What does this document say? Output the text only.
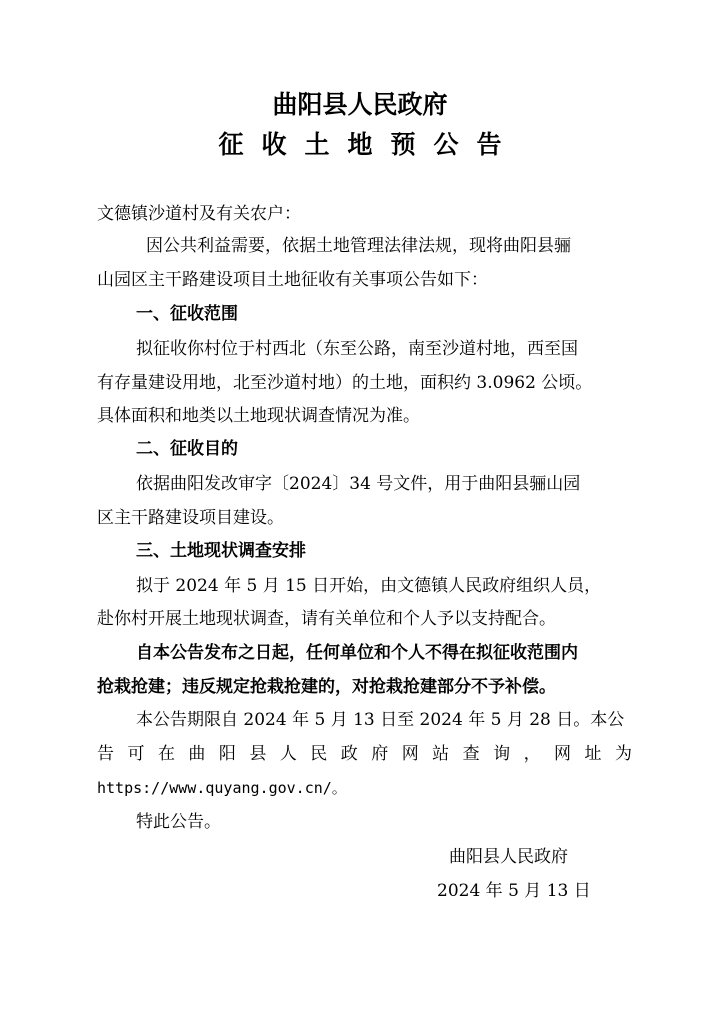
曲阳县人民政府
征收土地预公告
文德镇沙道村及有关农户：
因公共利益需要，依据土地管理法律法规，现将曲阳县骊
山园区主干路建设项目土地征收有关事项公告如下：
一、征收范围
拟征收你村位于村西北（东至公路，南至沙道村地，西至国
有存量建设用地，北至沙道村地）的土地，面积约 3.0962 公顷。
具体面积和地类以土地现状调查情况为准。
二、征收目的
依据曲阳发改审字〔2024〕34 号文件，用于曲阳县骊山园
区主干路建设项目建设。
三、土地现状调查安排
拟于 2024 年 5 月 15 日开始，由文德镇人民政府组织人员，
赴你村开展土地现状调查，请有关单位和个人予以支持配合。
自本公告发布之日起，任何单位和个人不得在拟征收范围内
抢栽抢建；违反规定抢栽抢建的，对抢栽抢建部分不予补偿。
本公告期限自 2024 年 5 月 13 日至 2024 年 5 月 28 日。本公
告可在曲阳县人民政府网站查询，网址为
https://www.quyang.gov.cn/。
特此公告。
曲阳县人民政府
2024 年 5 月 13 日
